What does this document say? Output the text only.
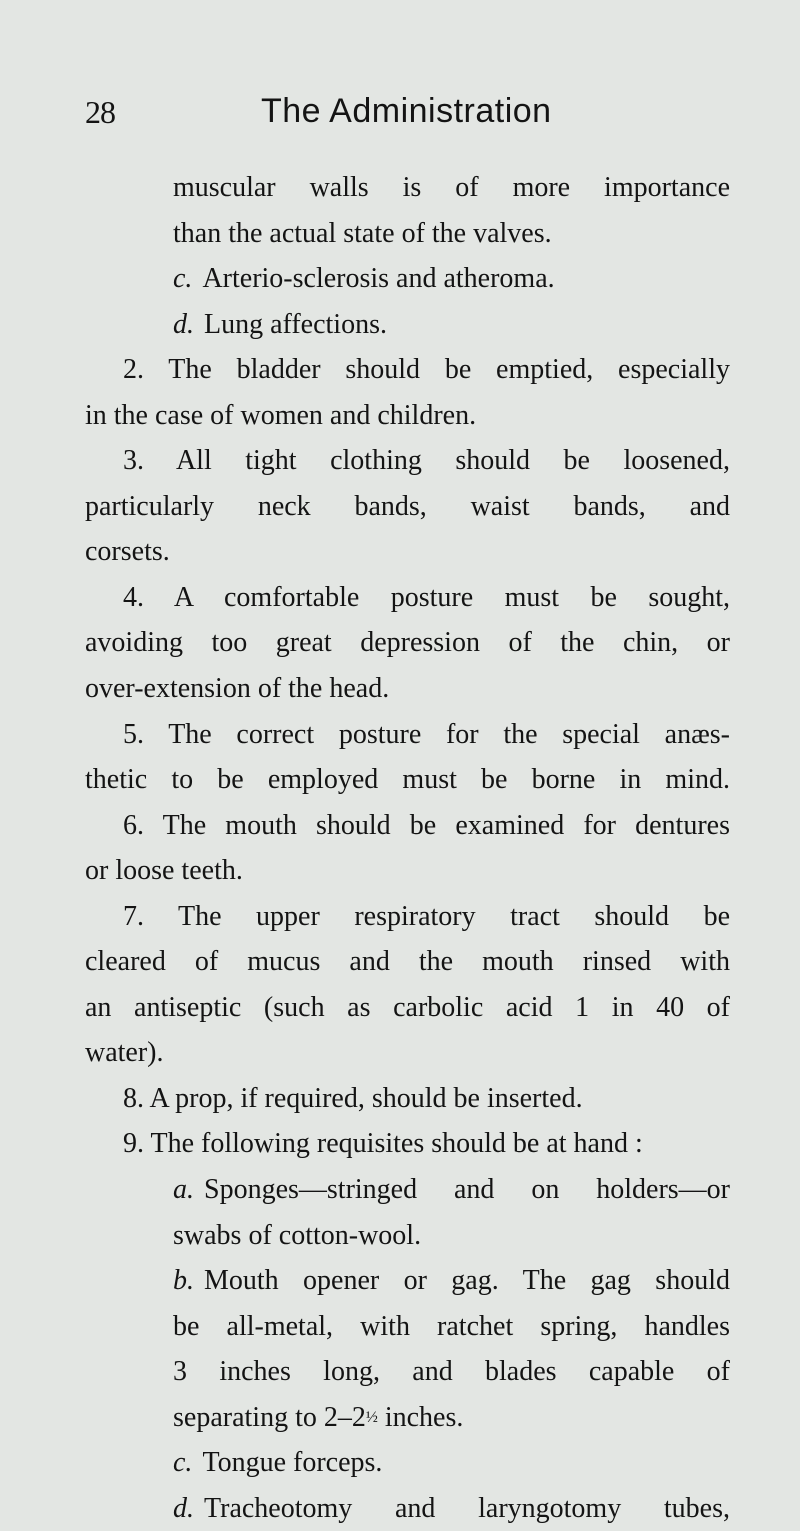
28	The Administration
muscular walls is of more importance
than the actual state of the valves.
c. Arterio-sclerosis and atheroma.
d. Lung affections.
2. The bladder should be emptied, especially
in the case of women and children.
3. All tight clothing should be loosened,
particularly neck bands, waist bands, and
corsets.
4. A comfortable posture must be sought,
avoiding too great depression of the chin, or
over-extension of the head.
5. The correct posture for the special anæs-
thetic to be employed must be borne in mind.
6. The mouth should be examined for dentures
or loose teeth.
7. The upper respiratory tract should be
cleared of mucus and the mouth rinsed with
an antiseptic (such as carbolic acid 1 in 40 of
water).
8. A prop, if required, should be inserted.
9. The following requisites should be at hand :
a. Sponges—stringed and on holders—or
swabs of cotton-wool.
b. Mouth opener or gag. The gag should
be all-metal, with ratchet spring, handles
3 inches long, and blades capable of
separating to 2–2½ inches.
c. Tongue forceps.
d. Tracheotomy and laryngotomy tubes,
